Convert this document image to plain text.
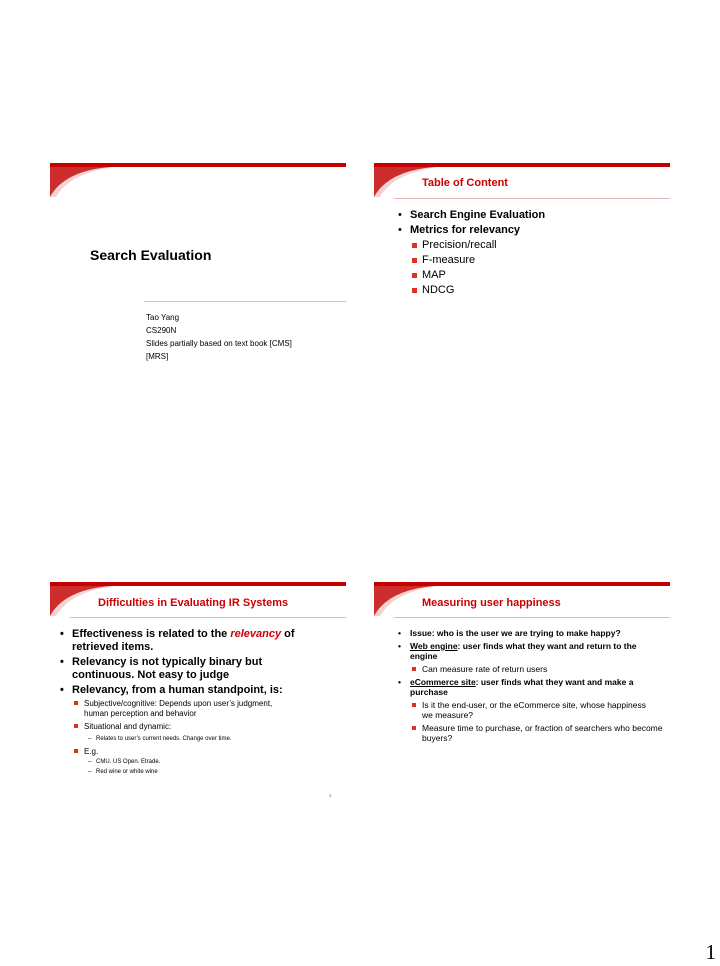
Search Evaluation
Tao Yang
CS290N
Slides partially based on text book [CMS]
[MRS]
Table of Content
• Search Engine Evaluation
• Metrics for relevancy
Precision/recall
F-measure
MAP
NDCG
Difficulties in Evaluating IR Systems
• Effectiveness is related to the relevancy of retrieved items.
• Relevancy is not typically binary but continuous. Not easy to judge
• Relevancy, from a human standpoint, is:
Subjective/cognitive: Depends upon user’s judgment, human perception and behavior
Situational and dynamic:
– Relates to user’s current needs. Change over time.
E.g.
– CMU. US Open. Etrade.
– Red wine or white wine
3
Measuring user happiness
• Issue: who is the user we are trying to make happy?
• Web engine: user finds what they want and return to the engine
Can measure rate of return users
• eCommerce site: user finds what they want and make a purchase
Is it the end-user, or the eCommerce site, whose happiness we measure?
Measure time to purchase, or fraction of searchers who become buyers?
1
